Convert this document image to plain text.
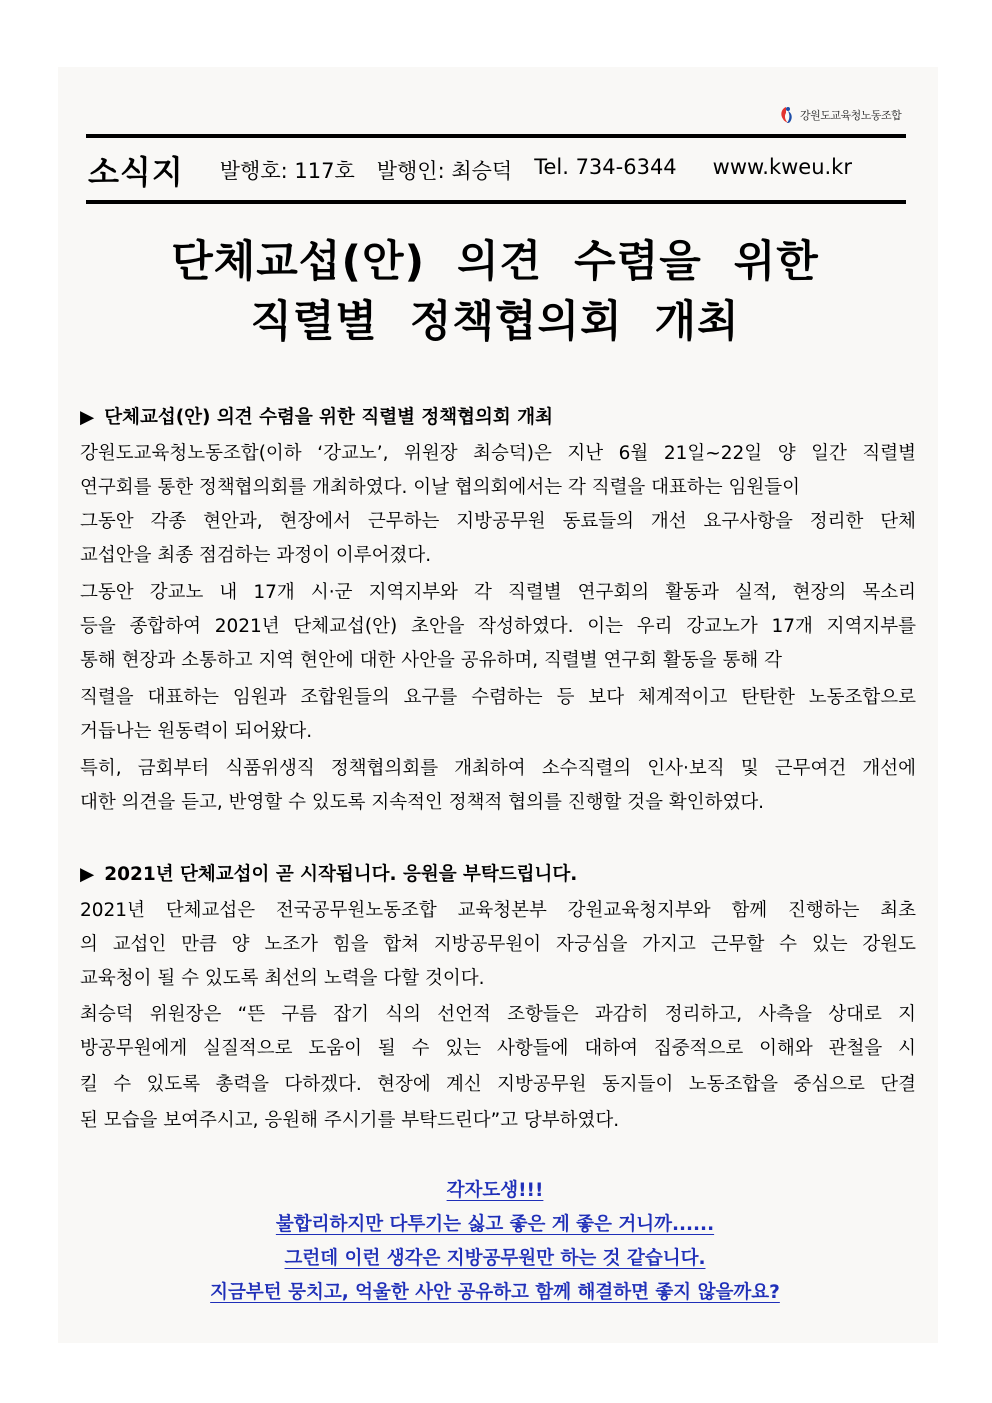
강원도교육청노동조합
소식지 발행호: 117호 발행인: 최승덕 Tel. 734-6344 www.kweu.kr
단체교섭(안)  의견  수렴을  위한
직렬별  정책협의회  개최
▶ 단체교섭(안) 의견 수렴을 위한 직렬별 정책협의회 개최
강원도교육청노동조합(이하 ‘강교노’, 위원장 최승덕)은 지난 6월 21일~22일 양 일간 직렬별
연구회를 통한 정책협의회를 개최하였다. 이날 협의회에서는 각 직렬을 대표하는 임원들이
그동안 각종 현안과, 현장에서 근무하는 지방공무원 동료들의 개선 요구사항을 정리한 단체
교섭안을 최종 점검하는 과정이 이루어졌다.
그동안 강교노 내 17개 시·군 지역지부와 각 직렬별 연구회의 활동과 실적, 현장의 목소리
등을 종합하여 2021년 단체교섭(안) 초안을 작성하였다. 이는 우리 강교노가 17개 지역지부를
통해 현장과 소통하고 지역 현안에 대한 사안을 공유하며, 직렬별 연구회 활동을 통해 각
직렬을 대표하는 임원과 조합원들의 요구를 수렴하는 등 보다 체계적이고 탄탄한 노동조합으로
거듭나는 원동력이 되어왔다.
특히, 금회부터 식품위생직 정책협의회를 개최하여 소수직렬의 인사·보직 및 근무여건 개선에
대한 의견을 듣고, 반영할 수 있도록 지속적인 정책적 협의를 진행할 것을 확인하였다.
▶ 2021년 단체교섭이 곧 시작됩니다. 응원을 부탁드립니다.
2021년 단체교섭은 전국공무원노동조합 교육청본부 강원교육청지부와 함께 진행하는 최초
의 교섭인 만큼 양 노조가 힘을 합쳐 지방공무원이 자긍심을 가지고 근무할 수 있는 강원도
교육청이 될 수 있도록 최선의 노력을 다할 것이다.
최승덕 위원장은 “뜬 구름 잡기 식의 선언적 조항들은 과감히 정리하고, 사측을 상대로 지
방공무원에게 실질적으로 도움이 될 수 있는 사항들에 대하여 집중적으로 이해와 관철을 시
킬 수 있도록 총력을 다하겠다. 현장에 계신 지방공무원 동지들이 노동조합을 중심으로 단결
된 모습을 보여주시고, 응원해 주시기를 부탁드린다”고 당부하였다.
각자도생!!!
불합리하지만 다투기는 싫고 좋은 게 좋은 거니까......
그런데 이런 생각은 지방공무원만 하는 것 같습니다.
지금부턴 뭉치고, 억울한 사안 공유하고 함께 해결하면 좋지 않을까요?
